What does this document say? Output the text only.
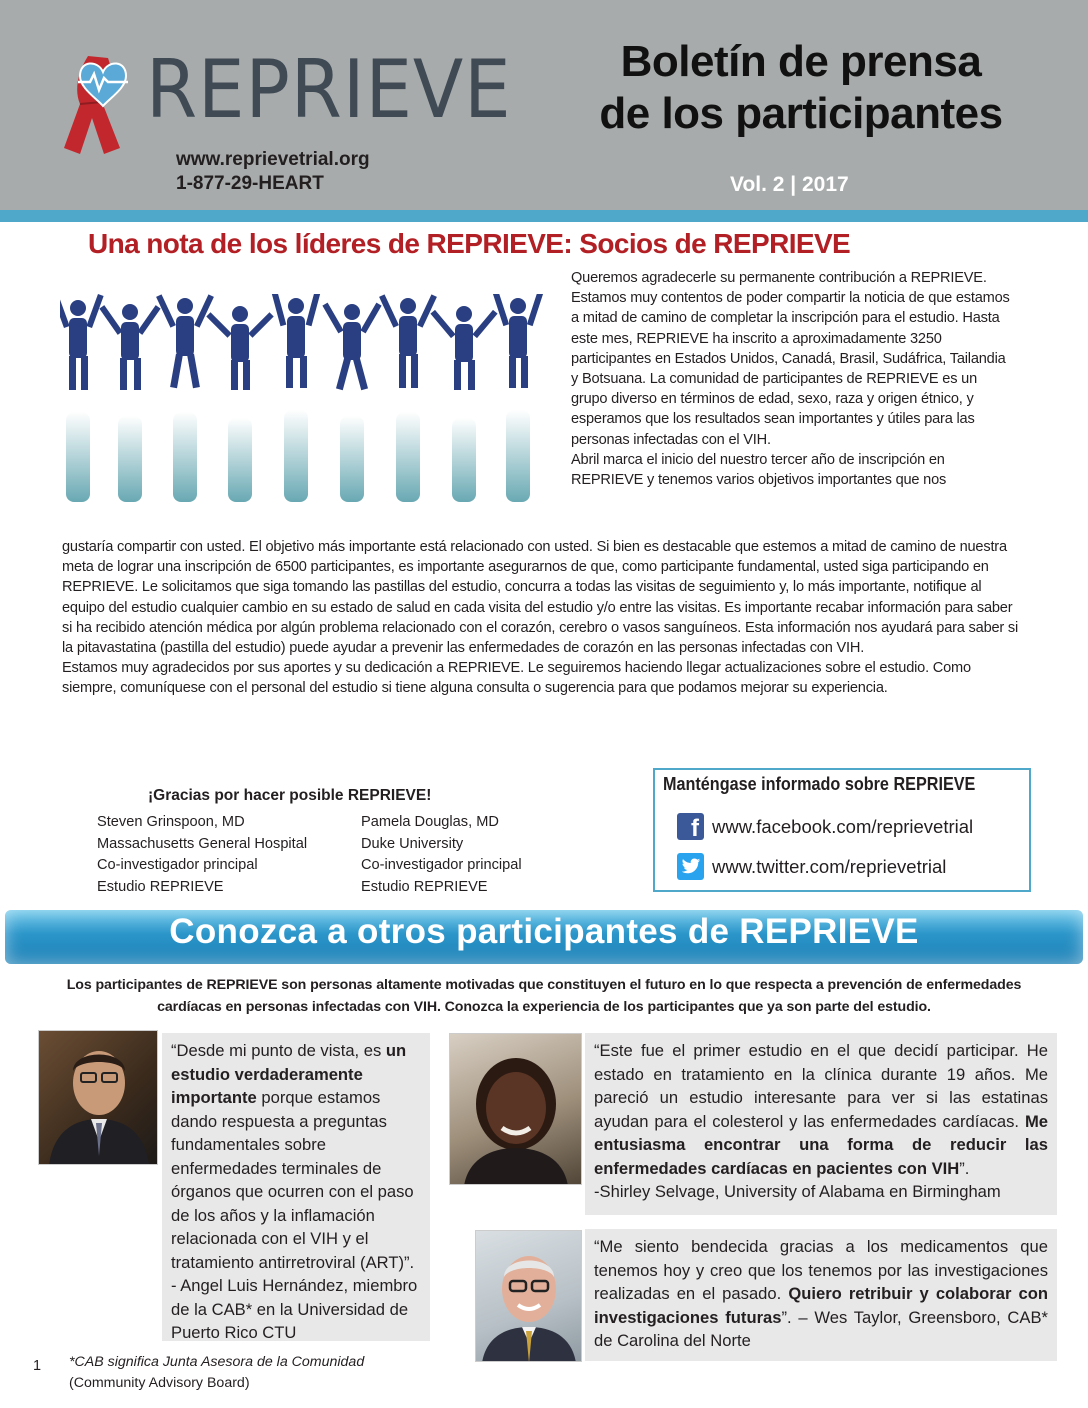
REPRIEVE
www.reprievetrial.org
1-877-29-HEART
Boletín de prensa
de los participantes
Vol. 2 | 2017
Una nota de los líderes de REPRIEVE: Socios de REPRIEVE

Queremos agradecerle su permanente contribución a REPRIEVE. Estamos muy contentos de poder compartir la noticia de que estamos a mitad de camino de completar la inscripción para el estudio. Hasta este mes, REPRIEVE ha inscrito a aproximadamente 3250 participantes en Estados Unidos, Canadá, Brasil, Sudáfrica, Tailandia y Botsuana. La comunidad de participantes de REPRIEVE es un grupo diverso en términos de edad, sexo, raza y origen étnico, y esperamos que los resultados sean importantes y útiles para las personas infectadas con el VIH.

Abril marca el inicio del nuestro tercer año de inscripción en REPRIEVE y tenemos varios objetivos importantes que nos

gustaría compartir con usted. El objetivo más importante está relacionado con usted. Si bien es destacable que estemos a mitad de camino de nuestra meta de lograr una inscripción de 6500 participantes, es importante asegurarnos de que, como participante fundamental, usted siga participando en REPRIEVE. Le solicitamos que siga tomando las pastillas del estudio, concurra a todas las visitas de seguimiento y, lo más importante, notifique al equipo del estudio cualquier cambio en su estado de salud en cada visita del estudio y/o entre las visitas. Es importante recabar información para saber si ha recibido atención médica por algún problema relacionado con el corazón, cerebro o vasos sanguíneos. Esta información nos ayudará para saber si la pitavastatina (pastilla del estudio) puede ayudar a prevenir las enfermedades de corazón en las personas infectadas con VIH.

Estamos muy agradecidos por sus aportes y su dedicación a REPRIEVE. Le seguiremos haciendo llegar actualizaciones sobre el estudio. Como siempre, comuníquese con el personal del estudio si tiene alguna consulta o sugerencia para que podamos mejorar su experiencia.

¡Gracias por hacer posible REPRIEVE!
Steven Grinspoon, MD
Massachusetts General Hospital
Co-investigador principal
Estudio REPRIEVE
Pamela Douglas, MD
Duke University
Co-investigador principal
Estudio REPRIEVE
Manténgase informado sobre REPRIEVE
f www.facebook.com/reprievetrial
www.twitter.com/reprievetrial
Conozca a otros participantes de REPRIEVE
Los participantes de REPRIEVE son personas altamente motivadas que constituyen el futuro en lo que respecta a prevención de enfermedades cardíacas en personas infectadas con VIH. Conozca la experiencia de los participantes que ya son parte del estudio.
“Desde mi punto de vista, es un estudio verdaderamente importante porque estamos dando respuesta a preguntas fundamentales sobre enfermedades terminales de órganos que ocurren con el paso de los años y la inflamación relacionada con el VIH y el tratamiento antirretroviral (ART)”. - Angel Luis Hernández, miembro de la CAB* en la Universidad de Puerto Rico CTU
“Este fue el primer estudio en el que decidí participar. He estado en tratamiento en la clínica durante 19 años. Me pareció un estudio interesante para ver si las estatinas ayudan para el colesterol y las enfermedades cardíacas. Me entusiasma encontrar una forma de reducir las enfermedades cardíacas en pacientes con VIH”.
-Shirley Selvage, University of Alabama en Birmingham
“Me siento bendecida gracias a los medicamentos que tenemos hoy y creo que los tenemos por las investigaciones realizadas en el pasado. Quiero retribuir y colaborar con investigaciones futuras”. – Wes Taylor, Greensboro, CAB* de Carolina del Norte
1 *CAB significa Junta Asesora de la Comunidad
(Community Advisory Board)
